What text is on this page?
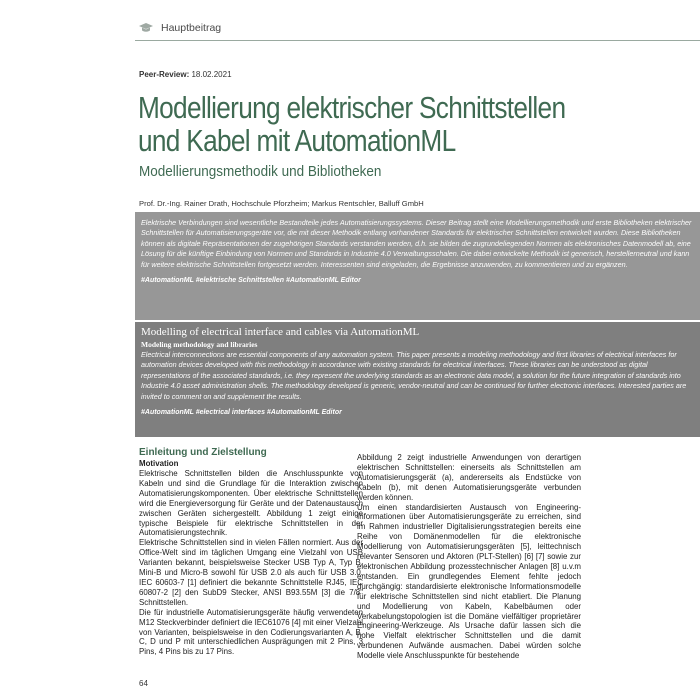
Hauptbeitrag
Peer-Review: 18.02.2021
Modellierung elektrischer Schnittstellen
und Kabel mit AutomationML
Modellierungsmethodik und Bibliotheken
Prof. Dr.-Ing. Rainer Drath, Hochschule Pforzheim; Markus Rentschler, Balluff GmbH
Elektrische Verbindungen sind wesentliche Bestandteile jedes Automatisierungssystems. Dieser Beitrag stellt eine Modellierungsmethodik und erste Bibliotheken elektrischer Schnittstellen für Automatisierungsgeräte vor, die mit dieser Methodik entlang vorhandener Standards für elektrischer Schnittstellen entwickelt wurden. Diese Bibliotheken können als digitale Repräsentationen der zugehörigen Standards verstanden werden, d.h. sie bilden die zugrundeliegenden Normen als elektronisches Datenmodell ab, eine Lösung für die künftige Einbindung von Normen und Standards in Industrie 4.0 Verwaltungsschalen. Die dabei entwickelte Methodik ist generisch, herstellerneutral und kann für weitere elektrische Schnittstellen fortgesetzt werden. Interessenten sind eingeladen, die Ergebnisse anzuwenden, zu kommentieren und zu ergänzen.
#AutomationML #elektrische Schnittstellen #AutomationML Editor
Modelling of electrical interface and cables via AutomationML
Modeling methodology and libraries
Electrical interconnections are essential components of any automation system. This paper presents a modeling methodology and first libraries of electrical interfaces for automation devices developed with this methodology in accordance with existing standards for electrical interfaces. These libraries can be understood as digital representations of the associated standards, i.e. they represent the underlying standards as an electronic data model, a solution for the future integration of standards into Industrie 4.0 asset administration shells. The methodology developed is generic, vendor-neutral and can be continued for further electronic interfaces. Interested parties are invited to comment on and supplement the results.
#AutomationML #electrical interfaces #AutomationML Editor
Einleitung und Zielstellung
Motivation

Elektrische Schnittstellen bilden die Anschlusspunkte von Kabeln und sind die Grundlage für die Interaktion zwischen Automatisierungskomponenten. Über elektrische Schnittstellen wird die Energieversorgung für Geräte und der Datenaustausch zwischen Geräten sichergestellt. Abbildung 1 zeigt einige typische Beispiele für elektrische Schnittstellen in der Automatisierungstechnik.

Elektrische Schnittstellen sind in vielen Fällen normiert. Aus der Office-Welt sind im täglichen Umgang eine Vielzahl von USB Varianten bekannt, beispielsweise Stecker USB Typ A, Typ B, Mini-B und Micro-B sowohl für USB 2.0 als auch für USB 3.0. IEC 60603-7 [1] definiert die bekannte Schnittstelle RJ45, IEC 60807-2 [2] den SubD9 Stecker, ANSI B93.55M [3] die 7/8" Schnittstellen.

Die für industrielle Automatisierungsgeräte häufig verwendeten M12 Steckverbinder definiert die IEC61076 [4] mit einer Vielzahl von Varianten, beispielsweise in den Codierungsvarianten A, B, C, D und P mit unterschiedlichen Ausprägungen mit 2 Pins, 3 Pins, 4 Pins bis zu 17 Pins.

Abbildung 2 zeigt industrielle Anwendungen von derartigen elektrischen Schnittstellen: einerseits als Schnittstellen am Automatisierungsgerät (a), andererseits als Endstücke von Kabeln (b), mit denen Automatisierungsgeräte verbunden werden können.

Um einen standardisierten Austausch von Engineering-Informationen über Automatisierungsgeräte zu erreichen, sind im Rahmen industrieller Digitalisierungsstrategien bereits eine Reihe von Domänenmodellen für die elektronische Modellierung von Automatisierungsgeräten [5], leittechnisch relevanter Sensoren und Aktoren (PLT-Stellen) [6] [7] sowie zur elektronischen Abbildung prozesstechnischer Anlagen [8] u.v.m entstanden. Ein grundlegendes Element fehlte jedoch durchgängig: standardisierte elektronische Informationsmodelle für elektrische Schnittstellen sind nicht etabliert. Die Planung und Modellierung von Kabeln, Kabelbäumen oder Verkabelungstopologien ist die Domäne vielfältiger proprietärer Engineering-Werkzeuge. Als Ursache dafür lassen sich die hohe Vielfalt elektrischer Schnittstellen und die damit verbundenen Aufwände ausmachen. Dabei würden solche Modelle viele Anschlusspunkte für bestehende

64
